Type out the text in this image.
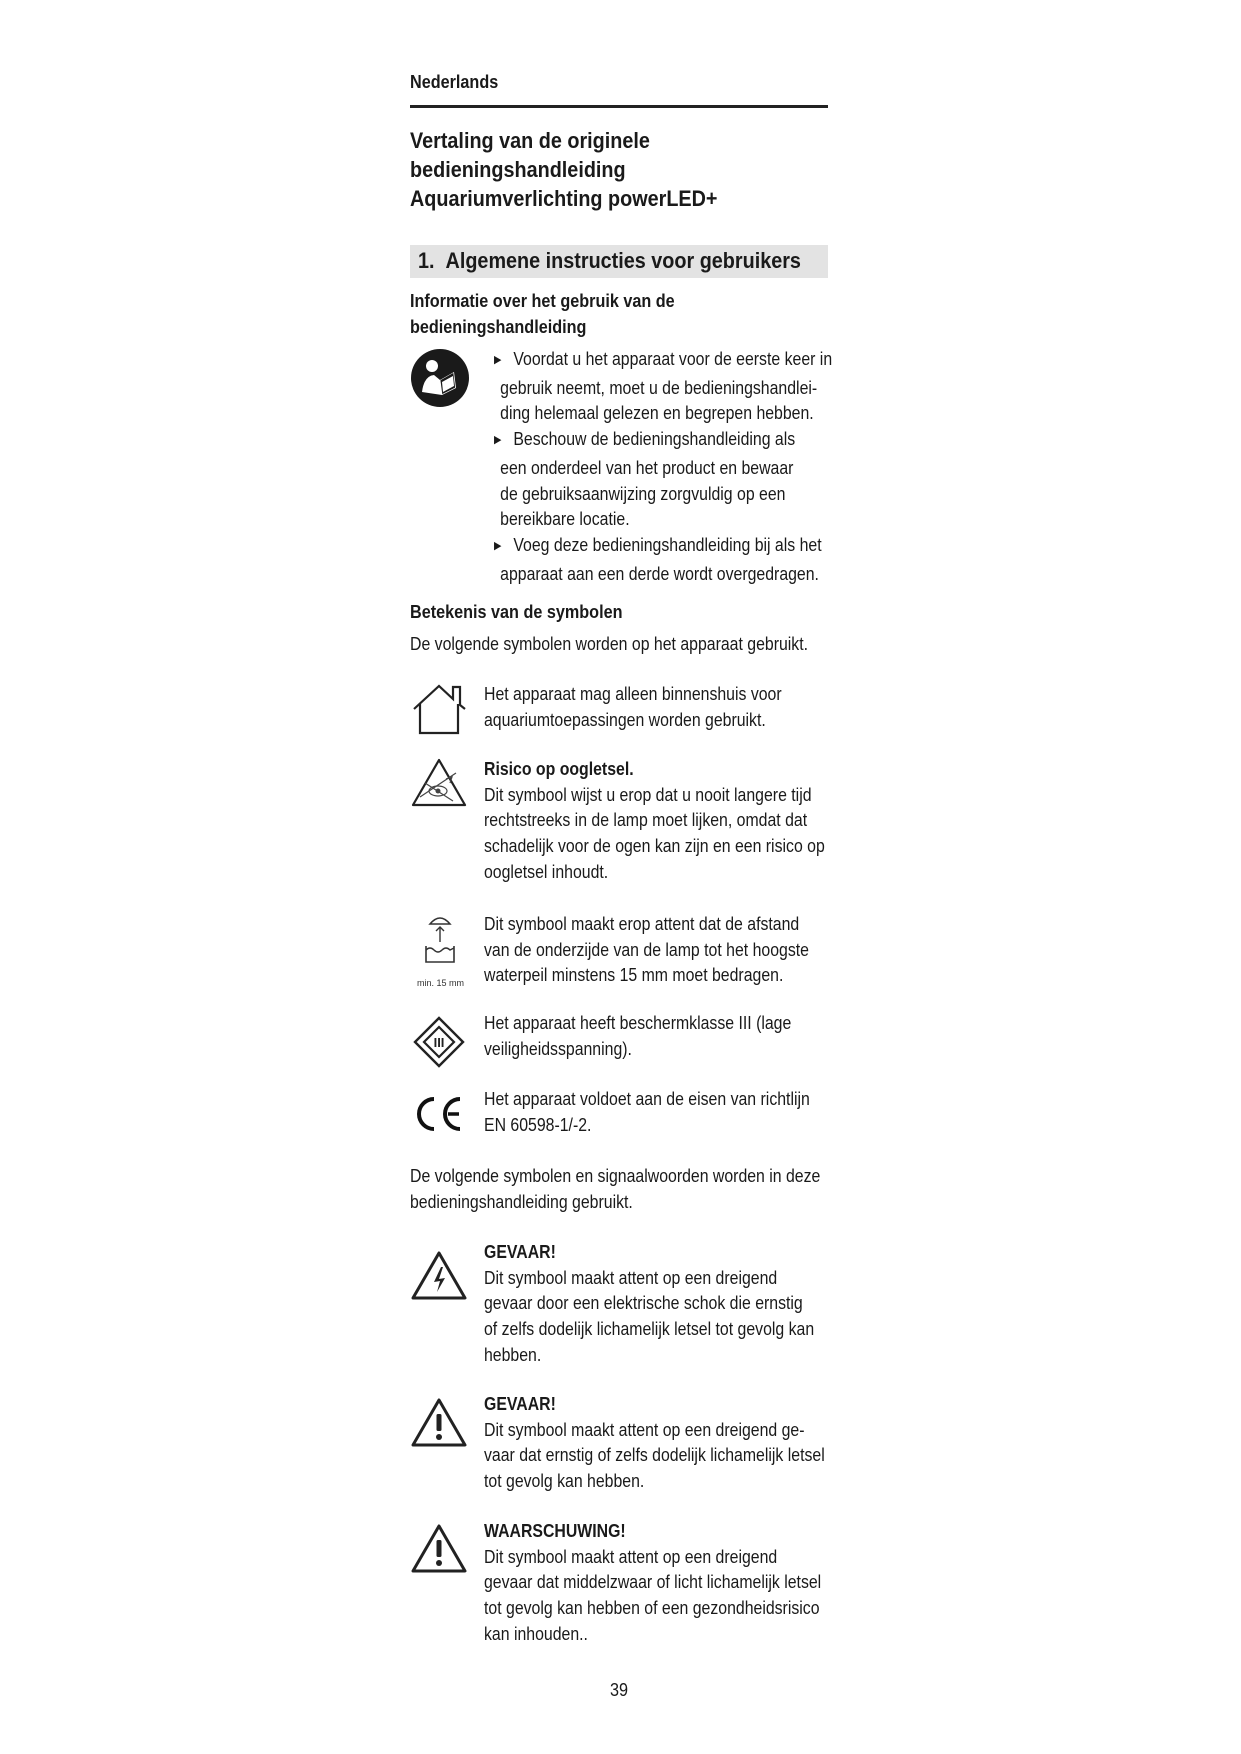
Nederlands
Vertaling van de originele
bedieningshandleiding
Aquariumverlichting powerLED+
1. Algemene instructies voor gebruikers
Informatie over het gebruik van de
bedieningshandleiding
▶ Voordat u het apparaat voor de eerste keer in
gebruik neemt, moet u de bedieningshandlei-
ding helemaal gelezen en begrepen hebben.
▶ Beschouw de bedieningshandleiding als
een onderdeel van het product en bewaar
de gebruiksaanwijzing zorgvuldig op een
bereikbare locatie.
▶ Voeg deze bedieningshandleiding bij als het
apparaat aan een derde wordt overgedragen.
Betekenis van de symbolen
De volgende symbolen worden op het apparaat gebruikt.
Het apparaat mag alleen binnenshuis voor
aquariumtoepassingen worden gebruikt.
Risico op oogletsel.
Dit symbool wijst u erop dat u nooit langere tijd
rechtstreeks in de lamp moet lijken, omdat dat
schadelijk voor de ogen kan zijn en een risico op
oogletsel inhoudt.
min. 15 mm
Dit symbool maakt erop attent dat de afstand
van de onderzijde van de lamp tot het hoogste
waterpeil minstens 15 mm moet bedragen.
III
Het apparaat heeft beschermklasse III (lage
veiligheidsspanning).
Het apparaat voldoet aan de eisen van richtlijn
EN 60598-1/-2.
De volgende symbolen en signaalwoorden worden in deze
bedieningshandleiding gebruikt.
GEVAAR!
Dit symbool maakt attent op een dreigend
gevaar door een elektrische schok die ernstig
of zelfs dodelijk lichamelijk letsel tot gevolg kan
hebben.
GEVAAR!
Dit symbool maakt attent op een dreigend ge-
vaar dat ernstig of zelfs dodelijk lichamelijk letsel
tot gevolg kan hebben.
WAARSCHUWING!
Dit symbool maakt attent op een dreigend
gevaar dat middelzwaar of licht lichamelijk letsel
tot gevolg kan hebben of een gezondheidsrisico
kan inhouden..
39
